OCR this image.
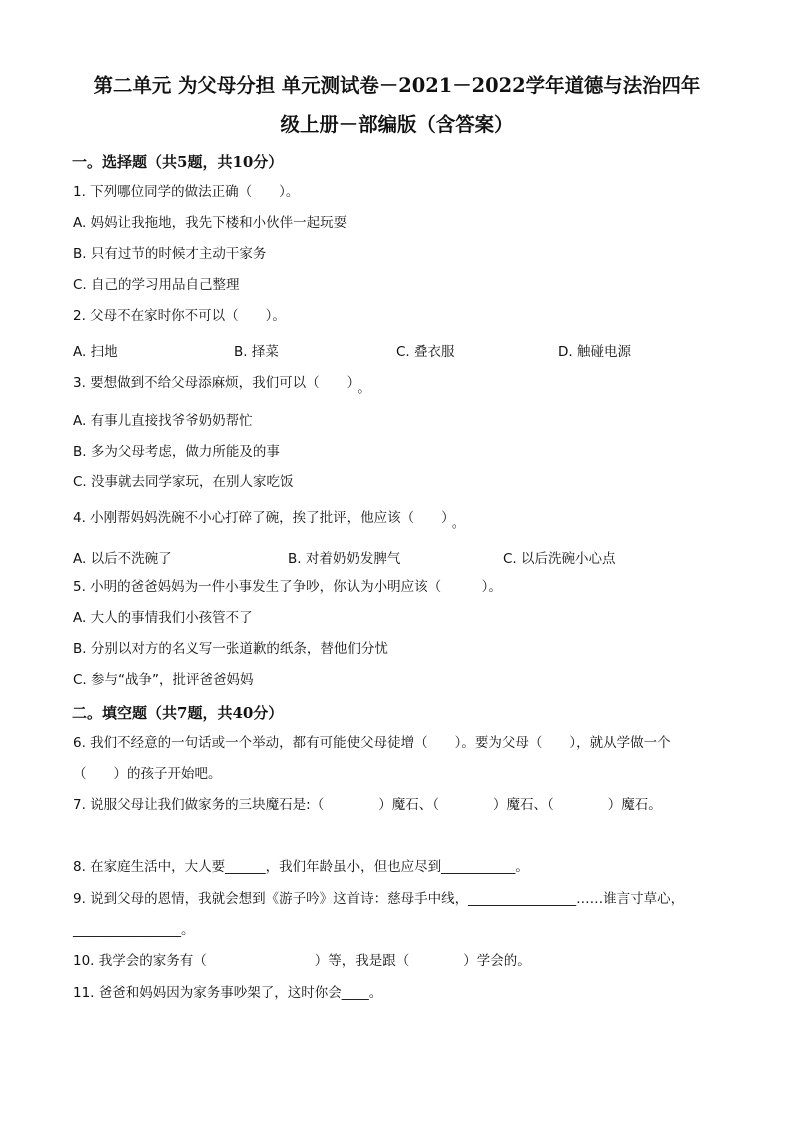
第二单元 为父母分担 单元测试卷－2021－2022学年道德与法治四年
级上册－部编版（含答案）
一。选择题（共5题，共10分）
1. 下列哪位同学的做法正确（　　）。
A. 妈妈让我拖地，我先下楼和小伙伴一起玩耍
B. 只有过节的时候才主动干家务
C. 自己的学习用品自己整理
2. 父母不在家时你不可以（　　）。
A. 扫地	B. 择菜	C. 叠衣服	D. 触碰电源
3. 要想做到不给父母添麻烦，我们可以（　　） 。
A. 有事儿直接找爷爷奶奶帮忙
B. 多为父母考虑，做力所能及的事
C. 没事就去同学家玩，在别人家吃饭
4. 小刚帮妈妈洗碗不小心打碎了碗，挨了批评，他应该（　　） 。
A. 以后不洗碗了	B. 对着奶奶发脾气	C. 以后洗碗小心点
5. 小明的爸爸妈妈为一件小事发生了争吵，你认为小明应该（　　　）。
A. 大人的事情我们小孩管不了
B. 分别以对方的名义写一张道歉的纸条，替他们分忧
C. 参与“战争”，批评爸爸妈妈
二。填空题（共7题，共40分）
6. 我们不经意的一句话或一个举动，都有可能使父母徒增（　　）。要为父母（　　），就从学做一个
（　　）的孩子开始吧。
7. 说服父母让我们做家务的三块魔石是:（　　　　）魔石、（　　　　）魔石、（　　　　）魔石。
8. 在家庭生活中，大人要______，我们年龄虽小，但也应尽到___________。
9. 说到父母的恩情，我就会想到《游子吟》这首诗：慈母手中线，________________……谁言寸草心，
________________。
10. 我学会的家务有（　　　　　　　　）等，我是跟（　　　　）学会的。
11. 爸爸和妈妈因为家务事吵架了，这时你会____。
